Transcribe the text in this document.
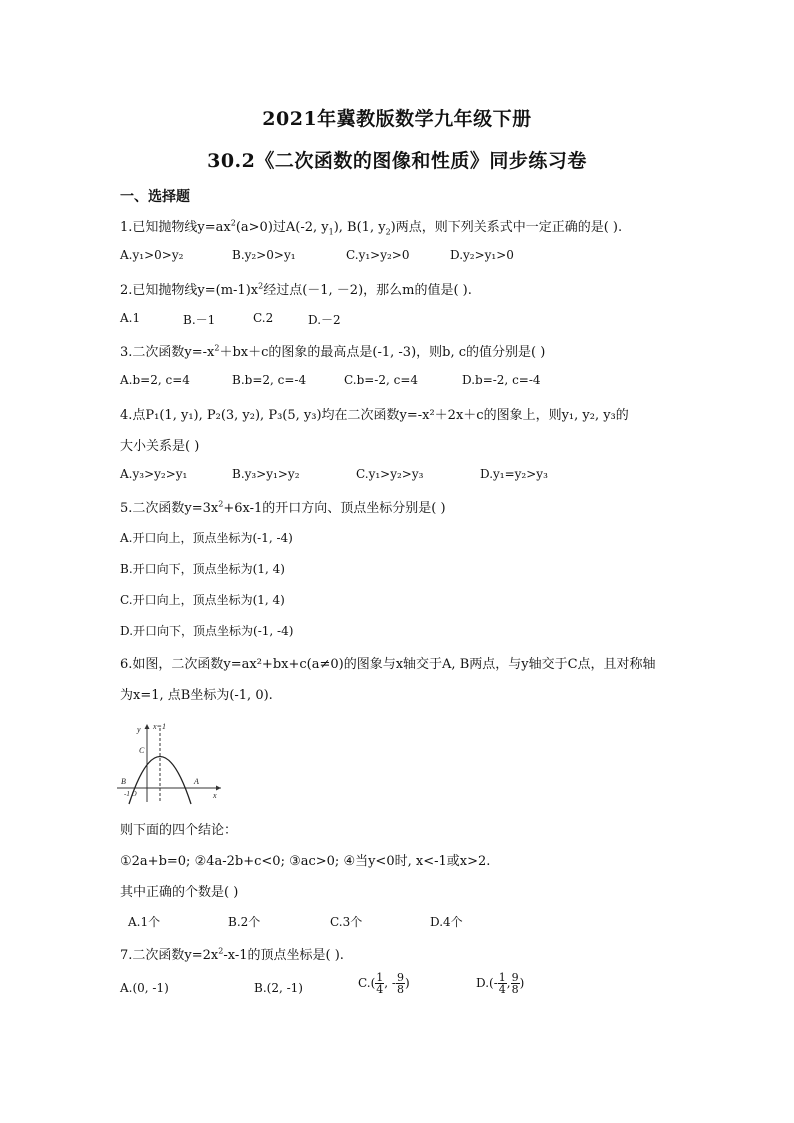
2021年冀教版数学九年级下册
30.2《二次函数的图像和性质》同步练习卷
一、选择题
1.已知抛物线$y=ax^2(a>0)$过A(-2, $y_1$), B(1, $y_2$)两点，则下列关系式中一定正确的是( ).
A.y₁>0>y₂	B.y₂>0>y₁	C.y₁>y₂>0	D.y₂>y₁>0
2.已知抛物线$y=(m-1)x^2$经过点(－1, －2)，那么m的值是( ).
A.1	B.－1	C.2	D.－2
3.二次函数$y=-x^2+bx+c$的图象的最高点是(-1, -3)，则b, c的值分别是( )
A.b=2, c=4	B.b=2, c=-4	C.b=-2, c=4	D.b=-2, c=-4
4.点P₁(1, y₁), P₂(3, y₂), P₃(5, y₃)均在二次函数y=-x²＋2x＋c的图象上，则y₁, y₂, y₃的
大小关系是( )
A.y₃>y₂>y₁	B.y₃>y₁>y₂	C.y₁>y₂>y₃	D.y₁=y₂>y₃
5.二次函数$y=3x^2+6x-1$的开口方向、顶点坐标分别是( )
A.开口向上，顶点坐标为(-1, -4)
B.开口向下，顶点坐标为(1, 4)
C.开口向上，顶点坐标为(1, 4)
D.开口向下，顶点坐标为(-1, -4)
6.如图，二次函数y=ax²+bx+c(a≠0)的图象与x轴交于A, B两点，与y轴交于C点，且对称轴
为x=1, 点B坐标为(-1, 0).
x=1
y
C
B	A
-1 O	x
则下面的四个结论：
①2a+b=0; ②4a-2b+c<0; ③ac>0; ④当y<0时, x<-1或x>2.
其中正确的个数是( )
A.1个	B.2个	C.3个	D.4个
7.二次函数$y=2x^2-x-1$的顶点坐标是( ).
A.(0, -1)	B.(2, -1)	$C.( \frac{1}{4}$ , - $\frac{9}{8}$ )	$D.(- \frac{1}{4}$ , $\frac{9}{8}$ )
